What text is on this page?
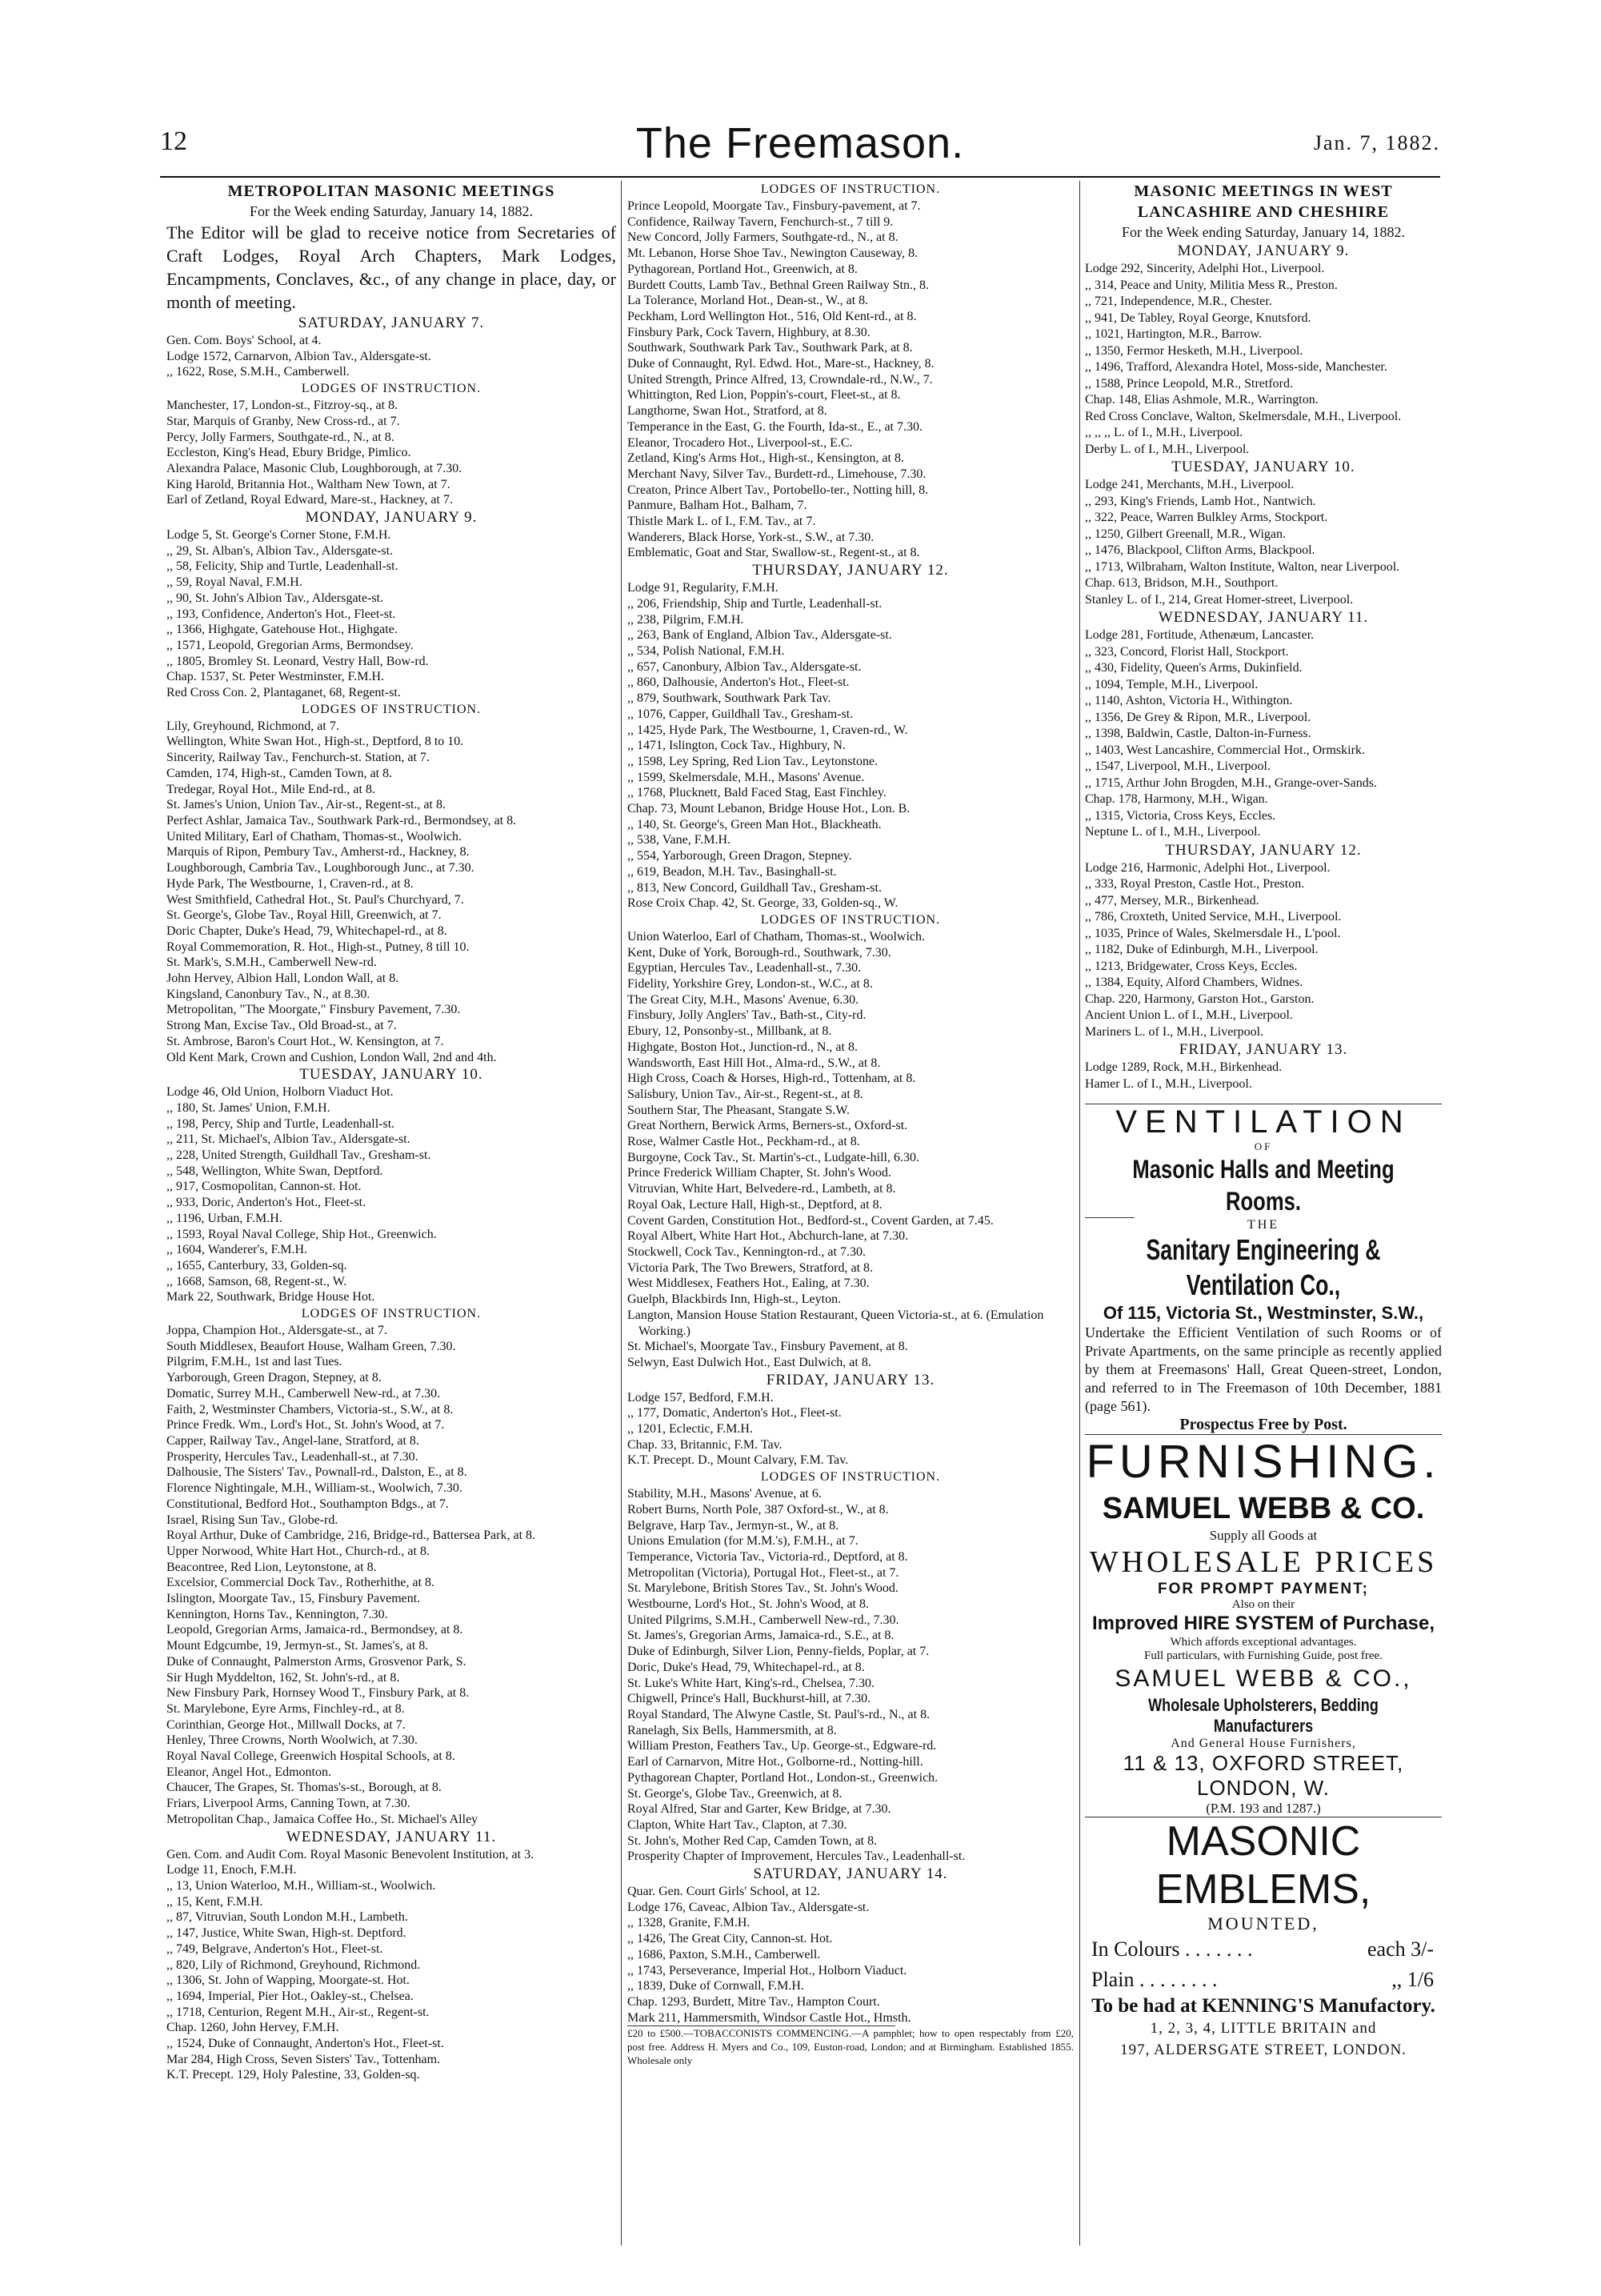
12	The Freemason.	Jan. 7, 1882.
METROPOLITAN MASONIC MEETINGS
For the Week ending Saturday, January 14, 1882.
The Editor will be glad to receive notice from Secretaries of Craft Lodges, Royal Arch Chapters, Mark Lodges, Encampments, Conclaves, &c., of any change in place, day, or month of meeting.
SATURDAY, JANUARY 7.
Gen. Com. Boys' School, at 4.
Lodge 1572, Carnarvon, Albion Tav., Aldersgate-st.
,, 1622, Rose, S.M.H., Camberwell.
LODGES OF INSTRUCTION.
Manchester, 17, London-st., Fitzroy-sq., at 8.
Star, Marquis of Granby, New Cross-rd., at 7.
Percy, Jolly Farmers, Southgate-rd., N., at 8.
Eccleston, King's Head, Ebury Bridge, Pimlico.
Alexandra Palace, Masonic Club, Loughborough, at 7.30.
King Harold, Britannia Hot., Waltham New Town, at 7.
Earl of Zetland, Royal Edward, Mare-st., Hackney, at 7.
MONDAY, JANUARY 9.
Lodge 5, St. George's Corner Stone, F.M.H.
,, 29, St. Alban's, Albion Tav., Aldersgate-st.
,, 58, Felicity, Ship and Turtle, Leadenhall-st.
,, 59, Royal Naval, F.M.H.
,, 90, St. John's Albion Tav., Aldersgate-st.
,, 193, Confidence, Anderton's Hot., Fleet-st.
,, 1366, Highgate, Gatehouse Hot., Highgate.
,, 1571, Leopold, Gregorian Arms, Bermondsey.
,, 1805, Bromley St. Leonard, Vestry Hall, Bow-rd.
Chap. 1537, St. Peter Westminster, F.M.H.
Red Cross Con. 2, Plantaganet, 68, Regent-st.
LODGES OF INSTRUCTION.
Lily, Greyhound, Richmond, at 7.
Wellington, White Swan Hot., High-st., Deptford, 8 to 10.
Sincerity, Railway Tav., Fenchurch-st. Station, at 7.
Camden, 174, High-st., Camden Town, at 8.
Tredegar, Royal Hot., Mile End-rd., at 8.
St. James's Union, Union Tav., Air-st., Regent-st., at 8.
Perfect Ashlar, Jamaica Tav., Southwark Park-rd., Bermondsey, at 8.
United Military, Earl of Chatham, Thomas-st., Woolwich.
Marquis of Ripon, Pembury Tav., Amherst-rd., Hackney, 8.
Loughborough, Cambria Tav., Loughborough Junc., at 7.30.
Hyde Park, The Westbourne, 1, Craven-rd., at 8.
West Smithfield, Cathedral Hot., St. Paul's Churchyard, 7.
St. George's, Globe Tav., Royal Hill, Greenwich, at 7.
Doric Chapter, Duke's Head, 79, Whitechapel-rd., at 8.
Royal Commemoration, R. Hot., High-st., Putney, 8 till 10.
St. Mark's, S.M.H., Camberwell New-rd.
John Hervey, Albion Hall, London Wall, at 8.
Kingsland, Canonbury Tav., N., at 8.30.
Metropolitan, "The Moorgate," Finsbury Pavement, 7.30.
Strong Man, Excise Tav., Old Broad-st., at 7.
St. Ambrose, Baron's Court Hot., W. Kensington, at 7.
Old Kent Mark, Crown and Cushion, London Wall, 2nd and 4th.
TUESDAY, JANUARY 10.
Lodge 46, Old Union, Holborn Viaduct Hot.
,, 180, St. James' Union, F.M.H.
,, 198, Percy, Ship and Turtle, Leadenhall-st.
,, 211, St. Michael's, Albion Tav., Aldersgate-st.
,, 228, United Strength, Guildhall Tav., Gresham-st.
,, 548, Wellington, White Swan, Deptford.
,, 917, Cosmopolitan, Cannon-st. Hot.
,, 933, Doric, Anderton's Hot., Fleet-st.
,, 1196, Urban, F.M.H.
,, 1593, Royal Naval College, Ship Hot., Greenwich.
,, 1604, Wanderer's, F.M.H.
,, 1655, Canterbury, 33, Golden-sq.
,, 1668, Samson, 68, Regent-st., W.
Mark 22, Southwark, Bridge House Hot.
LODGES OF INSTRUCTION.
Joppa, Champion Hot., Aldersgate-st., at 7.
South Middlesex, Beaufort House, Walham Green, 7.30.
Pilgrim, F.M.H., 1st and last Tues.
Yarborough, Green Dragon, Stepney, at 8.
Domatic, Surrey M.H., Camberwell New-rd., at 7.30.
Faith, 2, Westminster Chambers, Victoria-st., S.W., at 8.
Prince Fredk. Wm., Lord's Hot., St. John's Wood, at 7.
Capper, Railway Tav., Angel-lane, Stratford, at 8.
Prosperity, Hercules Tav., Leadenhall-st., at 7.30.
Dalhousie, The Sisters' Tav., Pownall-rd., Dalston, E., at 8.
Florence Nightingale, M.H., William-st., Woolwich, 7.30.
Constitutional, Bedford Hot., Southampton Bdgs., at 7.
Israel, Rising Sun Tav., Globe-rd.
Royal Arthur, Duke of Cambridge, 216, Bridge-rd., Battersea Park, at 8.
Upper Norwood, White Hart Hot., Church-rd., at 8.
Beacontree, Red Lion, Leytonstone, at 8.
Excelsior, Commercial Dock Tav., Rotherhithe, at 8.
Islington, Moorgate Tav., 15, Finsbury Pavement.
Kennington, Horns Tav., Kennington, 7.30.
Leopold, Gregorian Arms, Jamaica-rd., Bermondsey, at 8.
Mount Edgcumbe, 19, Jermyn-st., St. James's, at 8.
Duke of Connaught, Palmerston Arms, Grosvenor Park, S.
Sir Hugh Myddelton, 162, St. John's-rd., at 8.
New Finsbury Park, Hornsey Wood T., Finsbury Park, at 8.
St. Marylebone, Eyre Arms, Finchley-rd., at 8.
Corinthian, George Hot., Millwall Docks, at 7.
Henley, Three Crowns, North Woolwich, at 7.30.
Royal Naval College, Greenwich Hospital Schools, at 8.
Eleanor, Angel Hot., Edmonton.
Chaucer, The Grapes, St. Thomas's-st., Borough, at 8.
Friars, Liverpool Arms, Canning Town, at 7.30.
Metropolitan Chap., Jamaica Coffee Ho., St. Michael's Alley
WEDNESDAY, JANUARY 11.
Gen. Com. and Audit Com. Royal Masonic Benevolent Institution, at 3.
Lodge 11, Enoch, F.M.H.
,, 13, Union Waterloo, M.H., William-st., Woolwich.
,, 15, Kent, F.M.H.
,, 87, Vitruvian, South London M.H., Lambeth.
,, 147, Justice, White Swan, High-st. Deptford.
,, 749, Belgrave, Anderton's Hot., Fleet-st.
,, 820, Lily of Richmond, Greyhound, Richmond.
,, 1306, St. John of Wapping, Moorgate-st. Hot.
,, 1694, Imperial, Pier Hot., Oakley-st., Chelsea.
,, 1718, Centurion, Regent M.H., Air-st., Regent-st.
Chap. 1260, John Hervey, F.M.H.
,, 1524, Duke of Connaught, Anderton's Hot., Fleet-st.
Mar 284, High Cross, Seven Sisters' Tav., Tottenham.
K.T. Precept. 129, Holy Palestine, 33, Golden-sq.
LODGES OF INSTRUCTION.
Prince Leopold, Moorgate Tav., Finsbury-pavement, at 7.
Confidence, Railway Tavern, Fenchurch-st., 7 till 9.
New Concord, Jolly Farmers, Southgate-rd., N., at 8.
Mt. Lebanon, Horse Shoe Tav., Newington Causeway, 8.
Pythagorean, Portland Hot., Greenwich, at 8.
Burdett Coutts, Lamb Tav., Bethnal Green Railway Stn., 8.
La Tolerance, Morland Hot., Dean-st., W., at 8.
Peckham, Lord Wellington Hot., 516, Old Kent-rd., at 8.
Finsbury Park, Cock Tavern, Highbury, at 8.30.
Southwark, Southwark Park Tav., Southwark Park, at 8.
Duke of Connaught, Ryl. Edwd. Hot., Mare-st., Hackney, 8.
United Strength, Prince Alfred, 13, Crowndale-rd., N.W., 7.
Whittington, Red Lion, Poppin's-court, Fleet-st., at 8.
Langthorne, Swan Hot., Stratford, at 8.
Temperance in the East, G. the Fourth, Ida-st., E., at 7.30.
Eleanor, Trocadero Hot., Liverpool-st., E.C.
Zetland, King's Arms Hot., High-st., Kensington, at 8.
Merchant Navy, Silver Tav., Burdett-rd., Limehouse, 7.30.
Creaton, Prince Albert Tav., Portobello-ter., Notting hill, 8.
Panmure, Balham Hot., Balham, 7.
Thistle Mark L. of I., F.M. Tav., at 7.
Wanderers, Black Horse, York-st., S.W., at 7.30.
Emblematic, Goat and Star, Swallow-st., Regent-st., at 8.
THURSDAY, JANUARY 12.
Lodge 91, Regularity, F.M.H.
,, 206, Friendship, Ship and Turtle, Leadenhall-st.
,, 238, Pilgrim, F.M.H.
,, 263, Bank of England, Albion Tav., Aldersgate-st.
,, 534, Polish National, F.M.H.
,, 657, Canonbury, Albion Tav., Aldersgate-st.
,, 860, Dalhousie, Anderton's Hot., Fleet-st.
,, 879, Southwark, Southwark Park Tav.
,, 1076, Capper, Guildhall Tav., Gresham-st.
,, 1425, Hyde Park, The Westbourne, 1, Craven-rd., W.
,, 1471, Islington, Cock Tav., Highbury, N.
,, 1598, Ley Spring, Red Lion Tav., Leytonstone.
,, 1599, Skelmersdale, M.H., Masons' Avenue.
,, 1768, Plucknett, Bald Faced Stag, East Finchley.
Chap. 73, Mount Lebanon, Bridge House Hot., Lon. B.
,, 140, St. George's, Green Man Hot., Blackheath.
,, 538, Vane, F.M.H.
,, 554, Yarborough, Green Dragon, Stepney.
,, 619, Beadon, M.H. Tav., Basinghall-st.
,, 813, New Concord, Guildhall Tav., Gresham-st.
Rose Croix Chap. 42, St. George, 33, Golden-sq., W.
LODGES OF INSTRUCTION.
Union Waterloo, Earl of Chatham, Thomas-st., Woolwich.
Kent, Duke of York, Borough-rd., Southwark, 7.30.
Egyptian, Hercules Tav., Leadenhall-st., 7.30.
Fidelity, Yorkshire Grey, London-st., W.C., at 8.
The Great City, M.H., Masons' Avenue, 6.30.
Finsbury, Jolly Anglers' Tav., Bath-st., City-rd.
Ebury, 12, Ponsonby-st., Millbank, at 8.
Highgate, Boston Hot., Junction-rd., N., at 8.
Wandsworth, East Hill Hot., Alma-rd., S.W., at 8.
High Cross, Coach & Horses, High-rd., Tottenham, at 8.
Salisbury, Union Tav., Air-st., Regent-st., at 8.
Southern Star, The Pheasant, Stangate S.W.
Great Northern, Berwick Arms, Berners-st., Oxford-st.
Rose, Walmer Castle Hot., Peckham-rd., at 8.
Burgoyne, Cock Tav., St. Martin's-ct., Ludgate-hill, 6.30.
Prince Frederick William Chapter, St. John's Wood.
Vitruvian, White Hart, Belvedere-rd., Lambeth, at 8.
Royal Oak, Lecture Hall, High-st., Deptford, at 8.
Covent Garden, Constitution Hot., Bedford-st., Covent Garden, at 7.45.
Royal Albert, White Hart Hot., Abchurch-lane, at 7.30.
Stockwell, Cock Tav., Kennington-rd., at 7.30.
Victoria Park, The Two Brewers, Stratford, at 8.
West Middlesex, Feathers Hot., Ealing, at 7.30.
Guelph, Blackbirds Inn, High-st., Leyton.
Langton, Mansion House Station Restaurant, Queen Victoria-st., at 6. (Emulation Working.)
St. Michael's, Moorgate Tav., Finsbury Pavement, at 8.
Selwyn, East Dulwich Hot., East Dulwich, at 8.
FRIDAY, JANUARY 13.
Lodge 157, Bedford, F.M.H.
,, 177, Domatic, Anderton's Hot., Fleet-st.
,, 1201, Eclectic, F.M.H.
Chap. 33, Britannic, F.M. Tav.
K.T. Precept. D., Mount Calvary, F.M. Tav.
LODGES OF INSTRUCTION.
Stability, M.H., Masons' Avenue, at 6.
Robert Burns, North Pole, 387 Oxford-st., W., at 8.
Belgrave, Harp Tav., Jermyn-st., W., at 8.
Unions Emulation (for M.M.'s), F.M.H., at 7.
Temperance, Victoria Tav., Victoria-rd., Deptford, at 8.
Metropolitan (Victoria), Portugal Hot., Fleet-st., at 7.
St. Marylebone, British Stores Tav., St. John's Wood.
Westbourne, Lord's Hot., St. John's Wood, at 8.
United Pilgrims, S.M.H., Camberwell New-rd., 7.30.
St. James's, Gregorian Arms, Jamaica-rd., S.E., at 8.
Duke of Edinburgh, Silver Lion, Penny-fields, Poplar, at 7.
Doric, Duke's Head, 79, Whitechapel-rd., at 8.
St. Luke's White Hart, King's-rd., Chelsea, 7.30.
Chigwell, Prince's Hall, Buckhurst-hill, at 7.30.
Royal Standard, The Alwyne Castle, St. Paul's-rd., N., at 8.
Ranelagh, Six Bells, Hammersmith, at 8.
William Preston, Feathers Tav., Up. George-st., Edgware-rd.
Earl of Carnarvon, Mitre Hot., Golborne-rd., Notting-hill.
Pythagorean Chapter, Portland Hot., London-st., Greenwich.
St. George's, Globe Tav., Greenwich, at 8.
Royal Alfred, Star and Garter, Kew Bridge, at 7.30.
Clapton, White Hart Tav., Clapton, at 7.30.
St. John's, Mother Red Cap, Camden Town, at 8.
Prosperity Chapter of Improvement, Hercules Tav., Leadenhall-st.
SATURDAY, JANUARY 14.
Quar. Gen. Court Girls' School, at 12.
Lodge 176, Caveac, Albion Tav., Aldersgate-st.
,, 1328, Granite, F.M.H.
,, 1426, The Great City, Cannon-st. Hot.
,, 1686, Paxton, S.M.H., Camberwell.
,, 1743, Perseverance, Imperial Hot., Holborn Viaduct.
,, 1839, Duke of Cornwall, F.M.H.
Chap. 1293, Burdett, Mitre Tav., Hampton Court.
Mark 211, Hammersmith, Windsor Castle Hot., Hmsth.
£20 to £500.—TOBACCONISTS COMMENCING.—A pamphlet; how to open respectably from £20, post free. Address H. Myers and Co., 109, Euston-road, London; and at Birmingham. Established 1855. Wholesale only
MASONIC MEETINGS IN WEST LANCASHIRE AND CHESHIRE
For the Week ending Saturday, January 14, 1882.
MONDAY, JANUARY 9.
Lodge 292, Sincerity, Adelphi Hot., Liverpool.
,, 314, Peace and Unity, Militia Mess R., Preston.
,, 721, Independence, M.R., Chester.
,, 941, De Tabley, Royal George, Knutsford.
,, 1021, Hartington, M.R., Barrow.
,, 1350, Fermor Hesketh, M.H., Liverpool.
,, 1496, Trafford, Alexandra Hotel, Moss-side, Manchester.
,, 1588, Prince Leopold, M.R., Stretford.
Chap. 148, Elias Ashmole, M.R., Warrington.
Red Cross Conclave, Walton, Skelmersdale, M.H., Liverpool.
,, ,, ,, L. of I., M.H., Liverpool.
Derby L. of I., M.H., Liverpool.
TUESDAY, JANUARY 10.
Lodge 241, Merchants, M.H., Liverpool.
,, 293, King's Friends, Lamb Hot., Nantwich.
,, 322, Peace, Warren Bulkley Arms, Stockport.
,, 1250, Gilbert Greenall, M.R., Wigan.
,, 1476, Blackpool, Clifton Arms, Blackpool.
,, 1713, Wilbraham, Walton Institute, Walton, near Liverpool.
Chap. 613, Bridson, M.H., Southport.
Stanley L. of I., 214, Great Homer-street, Liverpool.
WEDNESDAY, JANUARY 11.
Lodge 281, Fortitude, Athenæum, Lancaster.
,, 323, Concord, Florist Hall, Stockport.
,, 430, Fidelity, Queen's Arms, Dukinfield.
,, 1094, Temple, M.H., Liverpool.
,, 1140, Ashton, Victoria H., Withington.
,, 1356, De Grey & Ripon, M.R., Liverpool.
,, 1398, Baldwin, Castle, Dalton-in-Furness.
,, 1403, West Lancashire, Commercial Hot., Ormskirk.
,, 1547, Liverpool, M.H., Liverpool.
,, 1715, Arthur John Brogden, M.H., Grange-over-Sands.
Chap. 178, Harmony, M.H., Wigan.
,, 1315, Victoria, Cross Keys, Eccles.
Neptune L. of I., M.H., Liverpool.
THURSDAY, JANUARY 12.
Lodge 216, Harmonic, Adelphi Hot., Liverpool.
,, 333, Royal Preston, Castle Hot., Preston.
,, 477, Mersey, M.R., Birkenhead.
,, 786, Croxteth, United Service, M.H., Liverpool.
,, 1035, Prince of Wales, Skelmersdale H., L'pool.
,, 1182, Duke of Edinburgh, M.H., Liverpool.
,, 1213, Bridgewater, Cross Keys, Eccles.
,, 1384, Equity, Alford Chambers, Widnes.
Chap. 220, Harmony, Garston Hot., Garston.
Ancient Union L. of I., M.H., Liverpool.
Mariners L. of I., M.H., Liverpool.
FRIDAY, JANUARY 13.
Lodge 1289, Rock, M.H., Birkenhead.
Hamer L. of I., M.H., Liverpool.
VENTILATION
OF
Masonic Halls and Meeting Rooms.
THE
Sanitary Engineering & Ventilation Co.,
Of 115, Victoria St., Westminster, S.W.,
Undertake the Efficient Ventilation of such Rooms or of Private Apartments, on the same principle as recently applied by them at Freemasons' Hall, Great Queen-street, London, and referred to in The Freemason of 10th December, 1881 (page 561).
Prospectus Free by Post.
FURNISHING.
SAMUEL WEBB & CO.
Supply all Goods at
WHOLESALE PRICES
FOR PROMPT PAYMENT;
Also on their
Improved HIRE SYSTEM of Purchase,
Which affords exceptional advantages.
Full particulars, with Furnishing Guide, post free.
SAMUEL WEBB & CO.,
Wholesale Upholsterers, Bedding Manufacturers
And General House Furnishers,
11 & 13, OXFORD STREET, LONDON, W.
(P.M. 193 and 1287.)
MASONIC EMBLEMS,
MOUNTED,
In Colours . . . . . . .	each 3/-
Plain . . . . . . . .	,, 1/6
To be had at KENNING'S Manufactory.
1, 2, 3, 4, LITTLE BRITAIN and
197, ALDERSGATE STREET, LONDON.
